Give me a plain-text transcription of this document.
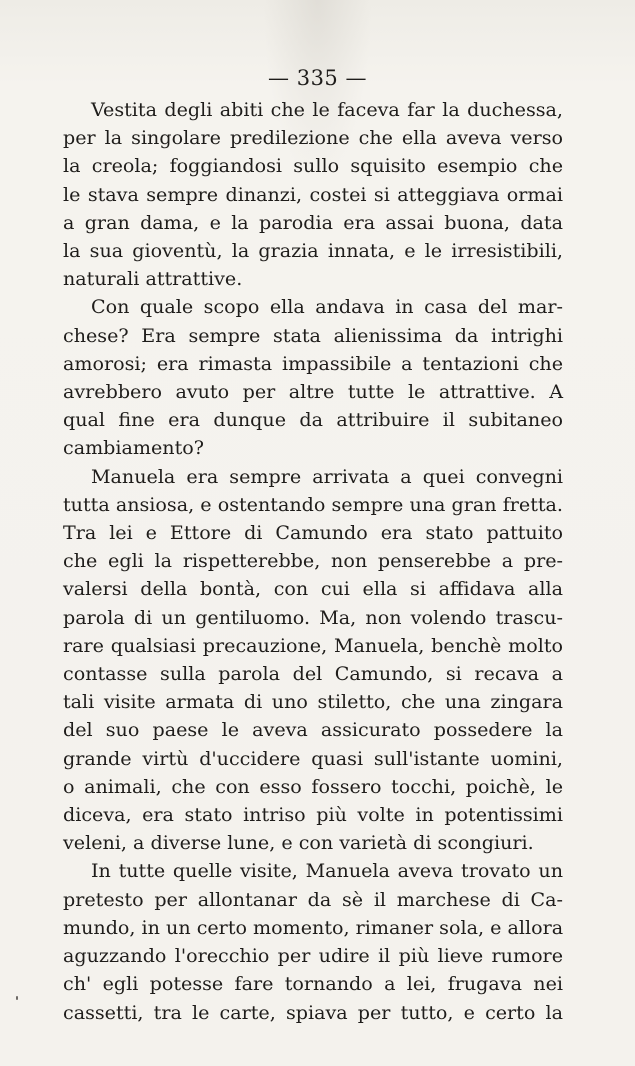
— 335 —

Vestita degli abiti che le faceva far la duchessa,
per la singolare predilezione che ella aveva verso
la creola; foggiandosi sullo squisito esempio che
le stava sempre dinanzi, costei si atteggiava ormai
a gran dama, e la parodia era assai buona, data
la sua gioventù, la grazia innata, e le irresistibili,
naturali attrattive.

Con quale scopo ella andava in casa del mar-
chese? Era sempre stata alienissima da intrighi
amorosi; era rimasta impassibile a tentazioni che
avrebbero avuto per altre tutte le attrattive. A
qual fine era dunque da attribuire il subitaneo
cambiamento?

Manuela era sempre arrivata a quei convegni
tutta ansiosa, e ostentando sempre una gran fretta.
Tra lei e Ettore di Camundo era stato pattuito
che egli la rispetterebbe, non penserebbe a pre-
valersi della bontà, con cui ella si affidava alla
parola di un gentiluomo. Ma, non volendo trascu-
rare qualsiasi precauzione, Manuela, benchè molto
contasse sulla parola del Camundo, si recava a
tali visite armata di uno stiletto, che una zingara
del suo paese le aveva assicurato possedere la
grande virtù d'uccidere quasi sull'istante uomini,
o animali, che con esso fossero tocchi, poichè, le
diceva, era stato intriso più volte in potentissimi
veleni, a diverse lune, e con varietà di scongiuri.

In tutte quelle visite, Manuela aveva trovato un
pretesto per allontanar da sè il marchese di Ca-
mundo, in un certo momento, rimaner sola, e allora
aguzzando l'orecchio per udire il più lieve rumore
ch' egli potesse fare tornando a lei, frugava nei
cassetti, tra le carte, spiava per tutto, e certo la
